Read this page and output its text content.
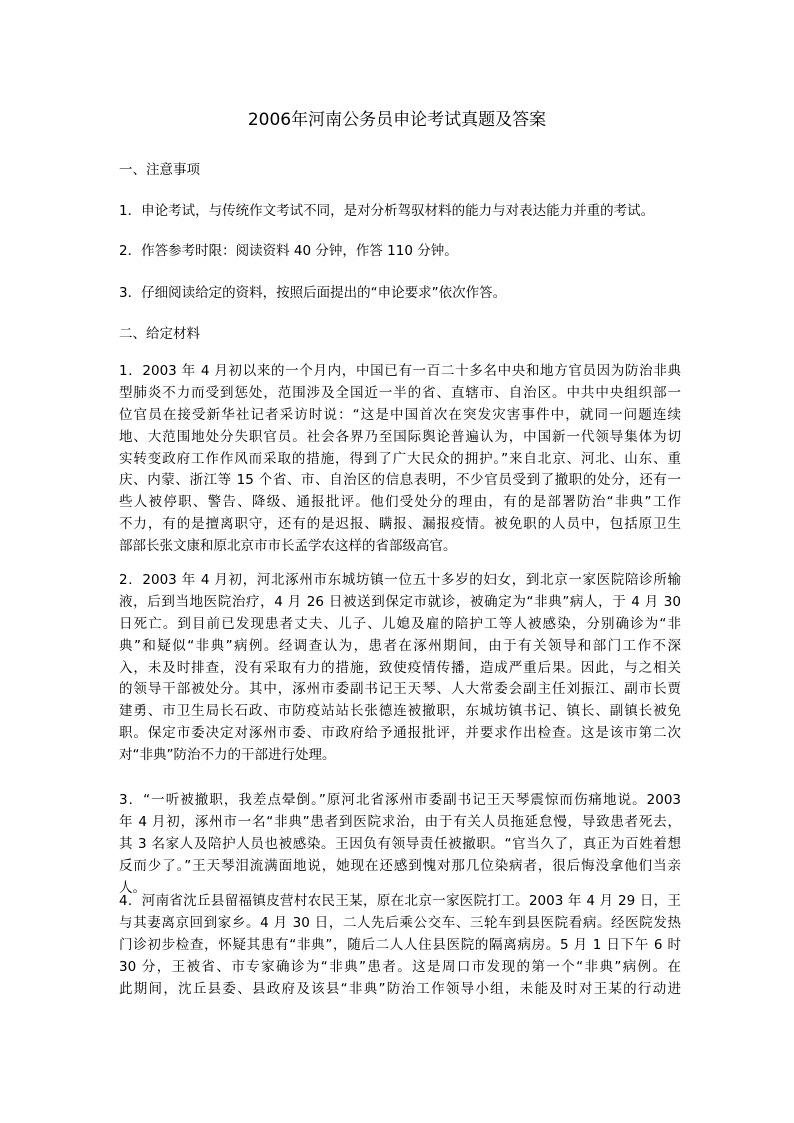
2006年河南公务员申论考试真题及答案
一、注意事项
1．申论考试，与传统作文考试不同，是对分析驾驭材料的能力与对表达能力并重的考试。
2．作答参考时限：阅读资料 40 分钟，作答 110 分钟。
3．仔细阅读给定的资料，按照后面提出的“申论要求”依次作答。
二、给定材料
1．2003 年 4 月初以来的一个月内，中国已有一百二十多名中央和地方官员因为防治非典
型肺炎不力而受到惩处，范围涉及全国近一半的省、直辖市、自治区。中共中央组织部一
位官员在接受新华社记者采访时说：“这是中国首次在突发灾害事件中，就同一问题连续
地、大范围地处分失职官员。社会各界乃至国际舆论普遍认为，中国新一代领导集体为切
实转变政府工作作风而采取的措施，得到了广大民众的拥护。”来自北京、河北、山东、重
庆、内蒙、浙江等 15 个省、市、自治区的信息表明，不少官员受到了撤职的处分，还有一
些人被停职、警告、降级、通报批评。他们受处分的理由，有的是部署防治“非典”工作
不力，有的是擅离职守，还有的是迟报、瞒报、漏报疫情。被免职的人员中，包括原卫生
部部长张文康和原北京市市长孟学农这样的省部级高官。
2．2003 年 4 月初，河北涿州市东城坊镇一位五十多岁的妇女，到北京一家医院陪诊所输
液，后到当地医院治疗，4 月 26 日被送到保定市就诊，被确定为“非典”病人，于 4 月 30
日死亡。到目前已发现患者丈夫、儿子、儿媳及雇的陪护工等人被感染，分别确诊为“非
典”和疑似“非典”病例。经调查认为，患者在涿州期间，由于有关领导和部门工作不深
入，未及时排查，没有采取有力的措施，致使疫情传播，造成严重后果。因此，与之相关
的领导干部被处分。其中，涿州市委副书记王天琴、人大常委会副主任刘振江、副市长贾
建勇、市卫生局长石政、市防疫站站长张德连被撤职，东城坊镇书记、镇长、副镇长被免
职。保定市委决定对涿州市委、市政府给予通报批评，并要求作出检查。这是该市第二次
对“非典”防治不力的干部进行处理。
3．“一听被撤职，我差点晕倒。”原河北省涿州市委副书记王天琴震惊而伤痛地说。2003
年 4 月初，涿州市一名“非典”患者到医院求治，由于有关人员拖延怠慢，导致患者死去，
其 3 名家人及陪护人员也被感染。王因负有领导责任被撤职。“官当久了，真正为百姓着想
反而少了。”王天琴泪流满面地说，她现在还感到愧对那几位染病者，很后悔没拿他们当亲
人。
4．河南省沈丘县留福镇皮营村农民王某，原在北京一家医院打工。2003 年 4 月 29 日，王
与其妻离京回到家乡。4 月 30 日，二人先后乘公交车、三轮车到县医院看病。经医院发热
门诊初步检查，怀疑其患有“非典”，随后二人人住县医院的隔离病房。5 月 1 日下午 6 时
30 分，王被省、市专家确诊为“非典”患者。这是周口市发现的第一个“非典”病例。在
此期间，沈丘县委、县政府及该县“非典”防治工作领导小组，未能及时对王某的行动进
